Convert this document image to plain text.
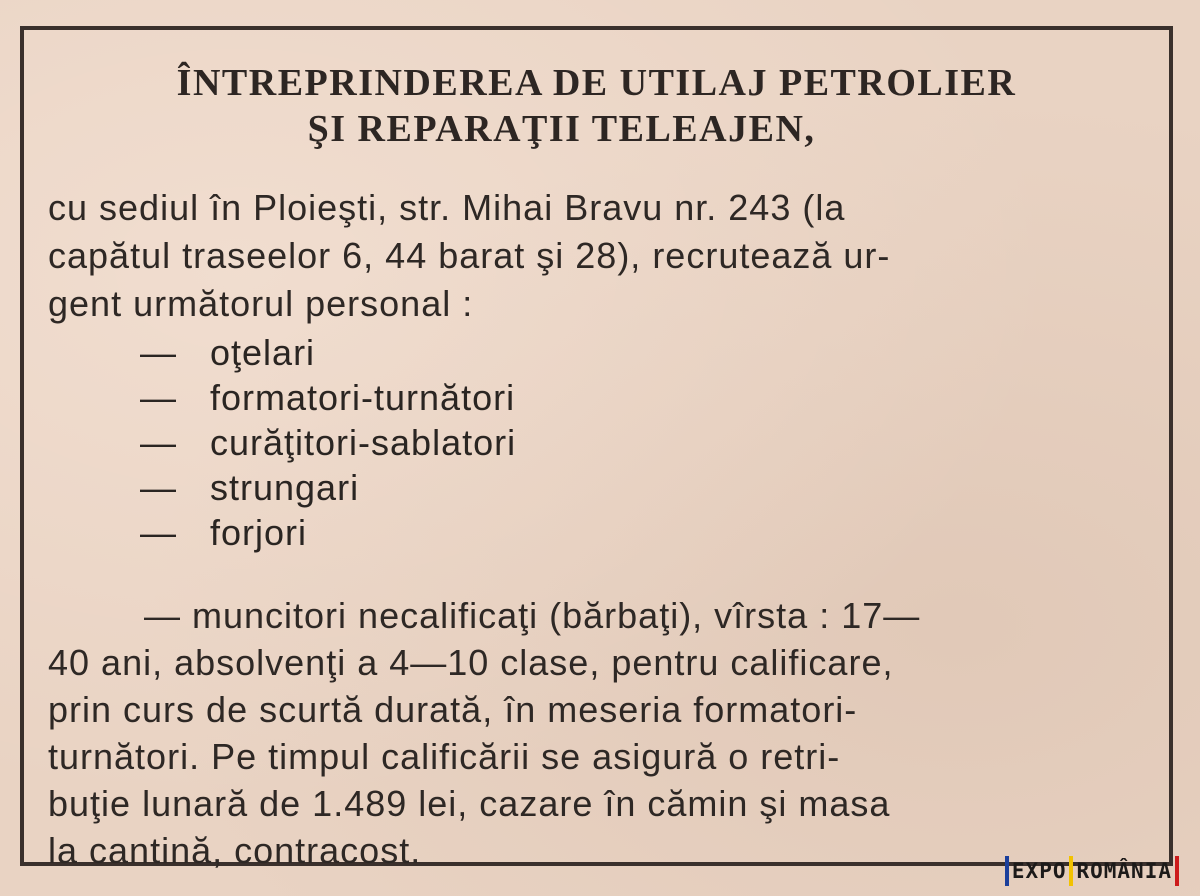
ÎNTREPRINDEREA DE UTILAJ PETROLIER
ŞI REPARAŢII TELEAJEN,
cu sediul în Ploieşti, str. Mihai Bravu nr. 243 (la
capătul traseelor 6, 44 barat şi 28), recrutează ur-
gent următorul personal :
— oţelari
— formatori-turnători
— curăţitori-sablatori
— strungari
— forjori
— muncitori necalificaţi (bărbaţi), vîrsta : 17—
40 ani, absolvenţi a 4—10 clase, pentru calificare,
prin curs de scurtă durată, în meseria formatori-
turnători. Pe timpul calificării se asigură o retri-
buţie lunară de 1.489 lei, cazare în cămin şi masa
la cantină, contracost.	EXPO ROMÂNIA
